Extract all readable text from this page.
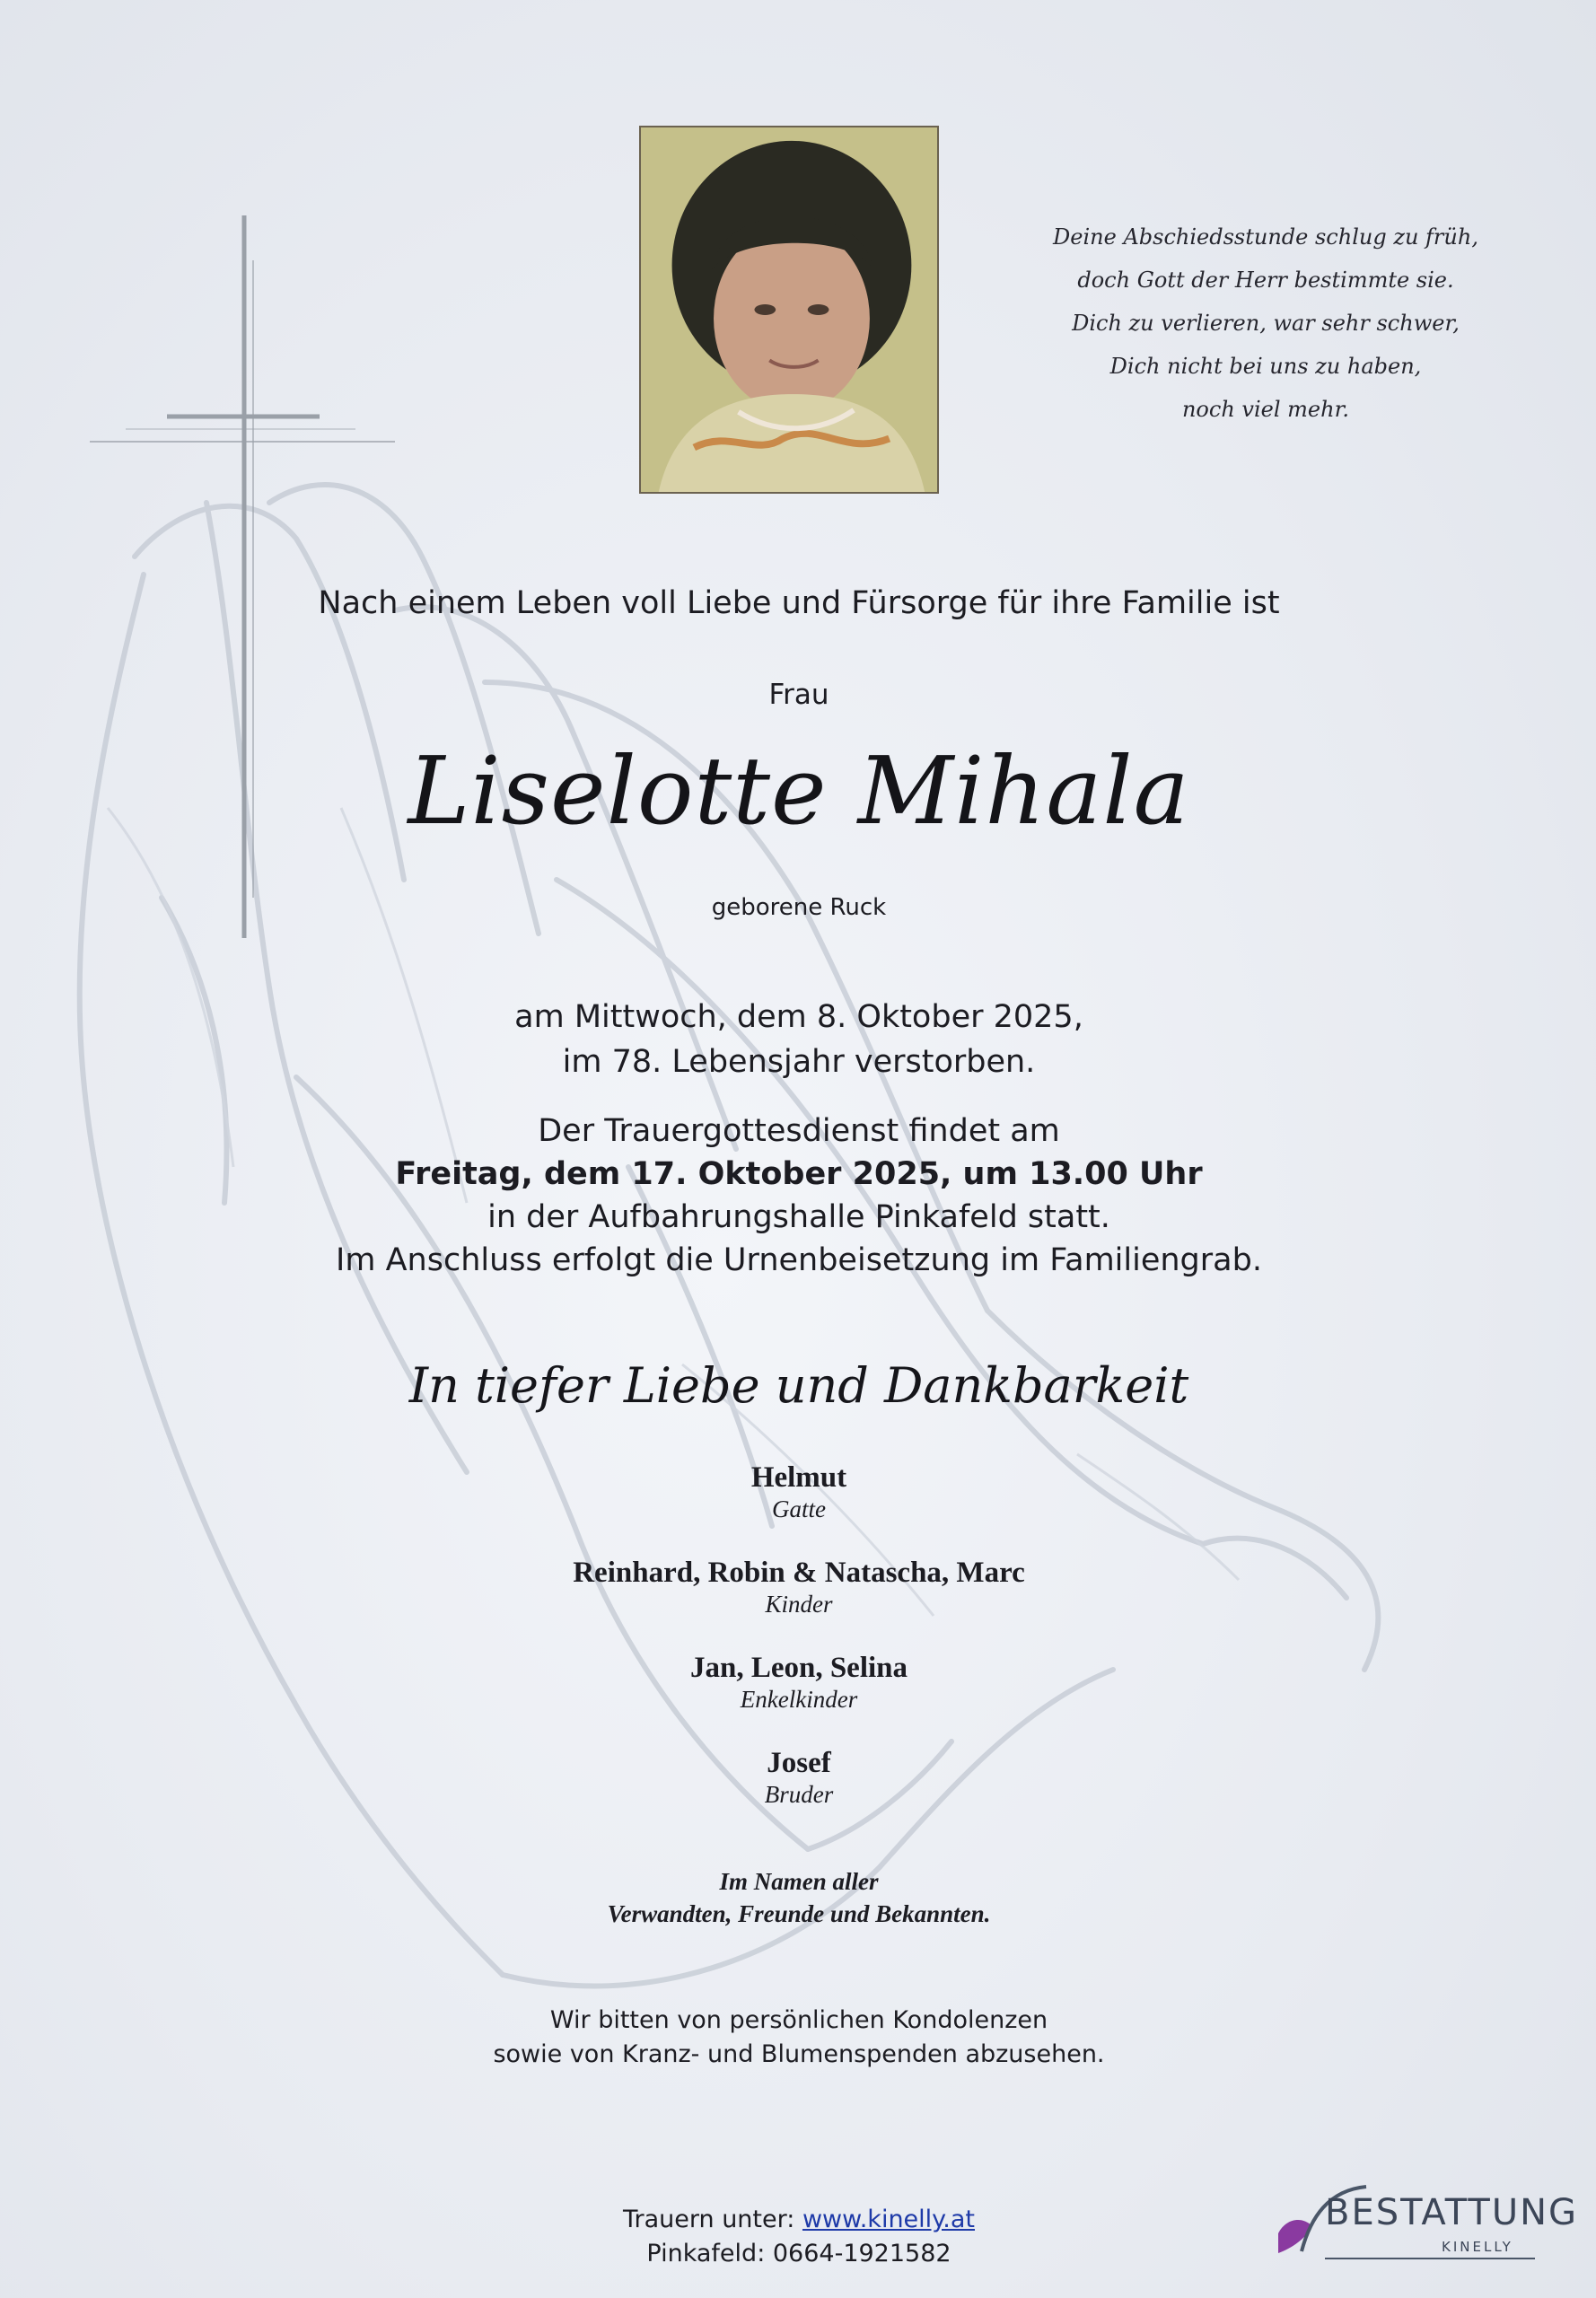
Deine Abschiedsstunde schlug zu früh,
doch Gott der Herr bestimmte sie.
Dich zu verlieren, war sehr schwer,
Dich nicht bei uns zu haben,
noch viel mehr.
Nach einem Leben voll Liebe und Fürsorge für ihre Familie ist
Frau
Liselotte Mihala
geborene Ruck
am Mittwoch, dem 8. Oktober 2025,
im 78. Lebensjahr verstorben.
Der Trauergottesdienst findet am
Freitag, dem 17. Oktober 2025, um 13.00 Uhr
in der Aufbahrungshalle Pinkafeld statt.
Im Anschluss erfolgt die Urnenbeisetzung im Familiengrab.
In tiefer Liebe und Dankbarkeit
Helmut
Gatte
Reinhard, Robin & Natascha, Marc
Kinder
Jan, Leon, Selina
Enkelkinder
Josef
Bruder
Im Namen aller
Verwandten, Freunde und Bekannten.
Wir bitten von persönlichen Kondolenzen
sowie von Kranz- und Blumenspenden abzusehen.
Trauern unter: www.kinelly.at
Pinkafeld: 0664-1921582
BESTATTUNG
KINELLY
